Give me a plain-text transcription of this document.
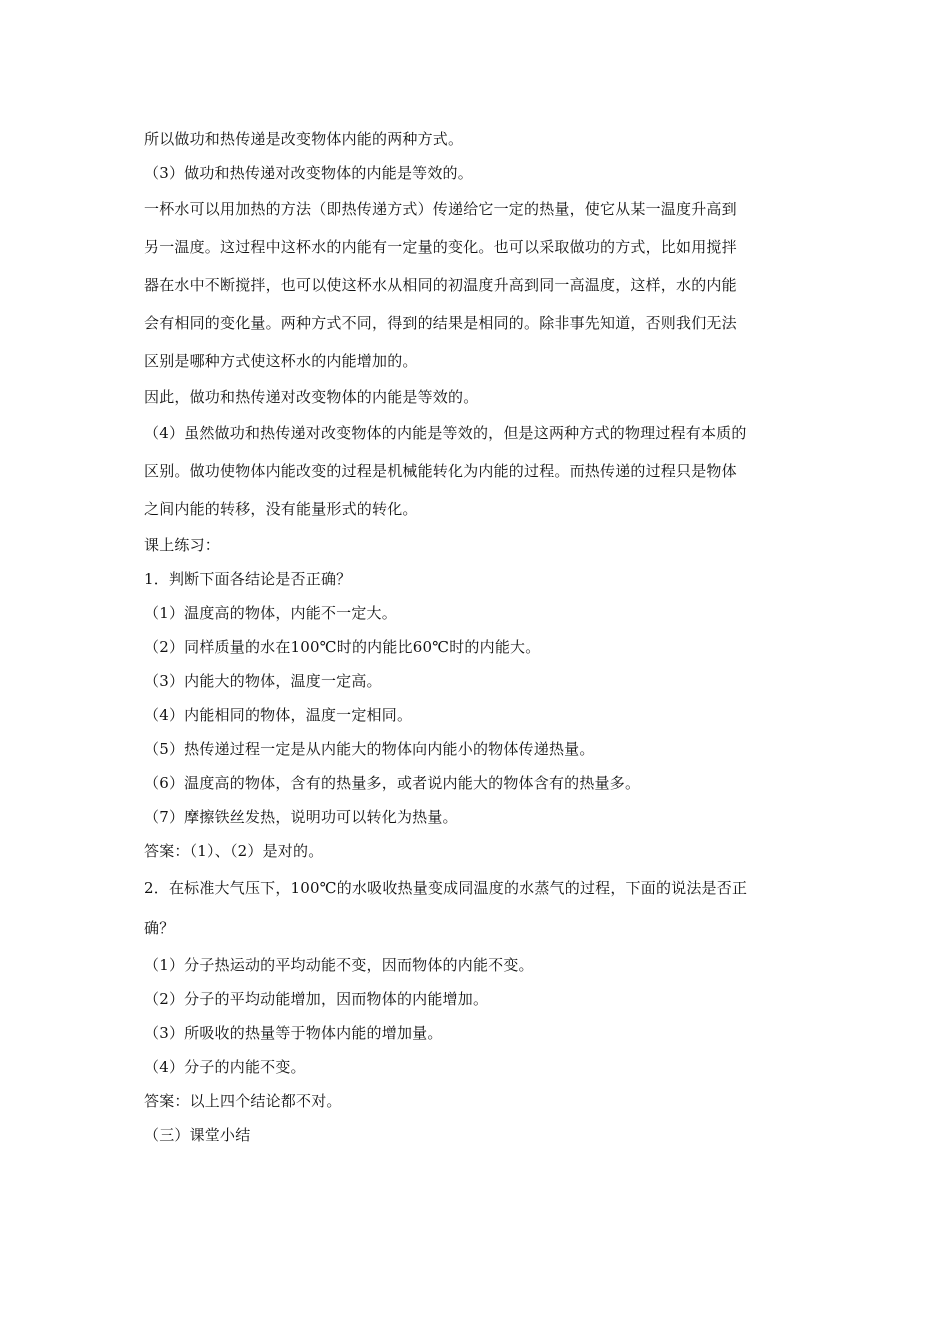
所以做功和热传递是改变物体内能的两种方式。
（3）做功和热传递对改变物体的内能是等效的。
一杯水可以用加热的方法（即热传递方式）传递给它一定的热量，使它从某一温度升高到
另一温度。这过程中这杯水的内能有一定量的变化。也可以采取做功的方式，比如用搅拌
器在水中不断搅拌，也可以使这杯水从相同的初温度升高到同一高温度，这样，水的内能
会有相同的变化量。两种方式不同，得到的结果是相同的。除非事先知道，否则我们无法
区别是哪种方式使这杯水的内能增加的。
因此，做功和热传递对改变物体的内能是等效的。
（4）虽然做功和热传递对改变物体的内能是等效的，但是这两种方式的物理过程有本质的
区别。做功使物体内能改变的过程是机械能转化为内能的过程。而热传递的过程只是物体
之间内能的转移，没有能量形式的转化。
课上练习：
1．判断下面各结论是否正确？
（1）温度高的物体，内能不一定大。
（2）同样质量的水在100℃时的内能比60℃时的内能大。
（3）内能大的物体，温度一定高。
（4）内能相同的物体，温度一定相同。
（5）热传递过程一定是从内能大的物体向内能小的物体传递热量。
（6）温度高的物体，含有的热量多，或者说内能大的物体含有的热量多。
（7）摩擦铁丝发热，说明功可以转化为热量。
答案：（1）、（2）是对的。
2．在标准大气压下，100℃的水吸收热量变成同温度的水蒸气的过程，下面的说法是否正
确？
（1）分子热运动的平均动能不变，因而物体的内能不变。
（2）分子的平均动能增加，因而物体的内能增加。
（3）所吸收的热量等于物体内能的增加量。
（4）分子的内能不变。
答案：以上四个结论都不对。
（三）课堂小结
